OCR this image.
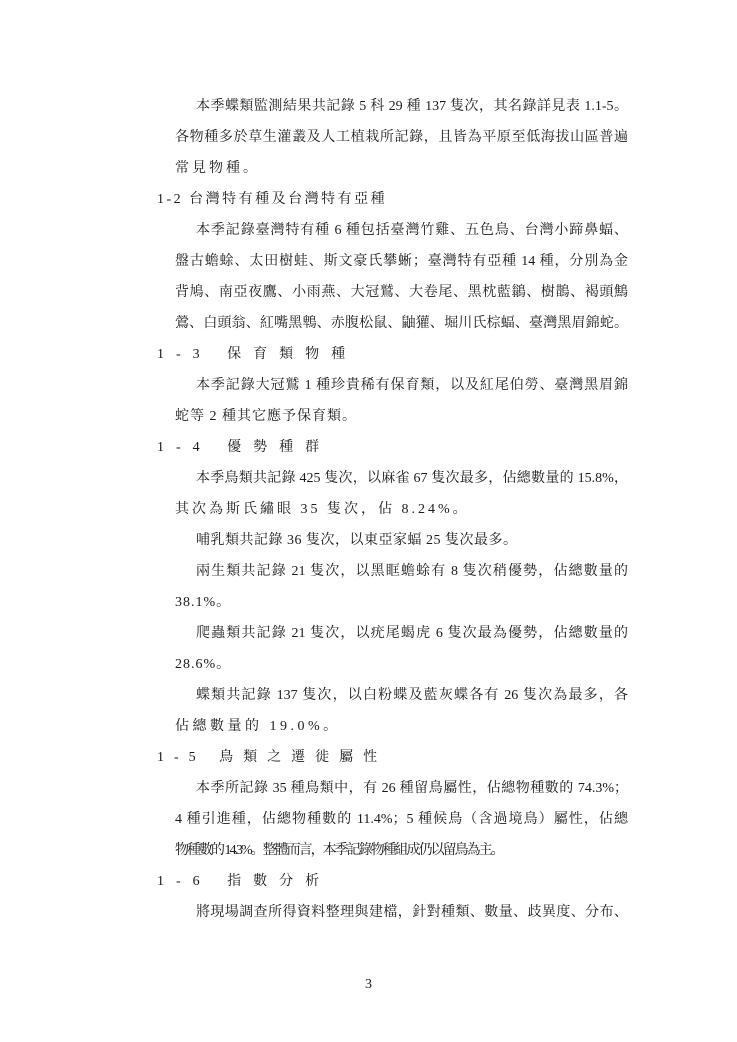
本季蝶類監測結果共記錄 5 科 29 種 137 隻次，其名錄詳見表 1.1-5。
各物種多於草生灌叢及人工植栽所記錄，且皆為平原至低海拔山區普遍
常見物種。
1-2 台灣特有種及台灣特有亞種
本季記錄臺灣特有種 6 種包括臺灣竹雞、五色鳥、台灣小蹄鼻蝠、
盤古蟾蜍、太田樹蛙、斯文豪氏攀蜥；臺灣特有亞種 14 種，分別為金
背鳩、南亞夜鷹、小雨燕、大冠鷲、大卷尾、黑枕藍鶲、樹鵲、褐頭鷦
鶯、白頭翁、紅嘴黑鵯、赤腹松鼠、鼬獾、堀川氏棕蝠、臺灣黑眉錦蛇。
1-3 保育類物種
本季記錄大冠鷲 1 種珍貴稀有保育類，以及紅尾伯勞、臺灣黑眉錦
蛇等 2 種其它應予保育類。
1-4 優勢種群
本季鳥類共記錄 425 隻次，以麻雀 67 隻次最多，佔總數量的 15.8%，
其次為斯氏繡眼 35 隻次，佔 8.24%。
哺乳類共記錄 36 隻次，以東亞家蝠 25 隻次最多。
兩生類共記錄 21 隻次，以黑眶蟾蜍有 8 隻次稍優勢，佔總數量的
38.1%。
爬蟲類共記錄 21 隻次，以疣尾蝎虎 6 隻次最為優勢，佔總數量的
28.6%。
蝶類共記錄 137 隻次，以白粉蝶及藍灰蝶各有 26 隻次為最多，各
佔總數量的 19.0%。
1-5 鳥類之遷徙屬性
本季所記錄 35 種鳥類中，有 26 種留鳥屬性，佔總物種數的 74.3%；
4 種引進種，佔總物種數的 11.4%；5 種候鳥（含過境鳥）屬性，佔總
物種數的 14.3%。整體而言，本季記錄物種組成仍以留鳥為主。
1-6 指數分析
將現場調查所得資料整理與建檔，針對種類、數量、歧異度、分布、
3
